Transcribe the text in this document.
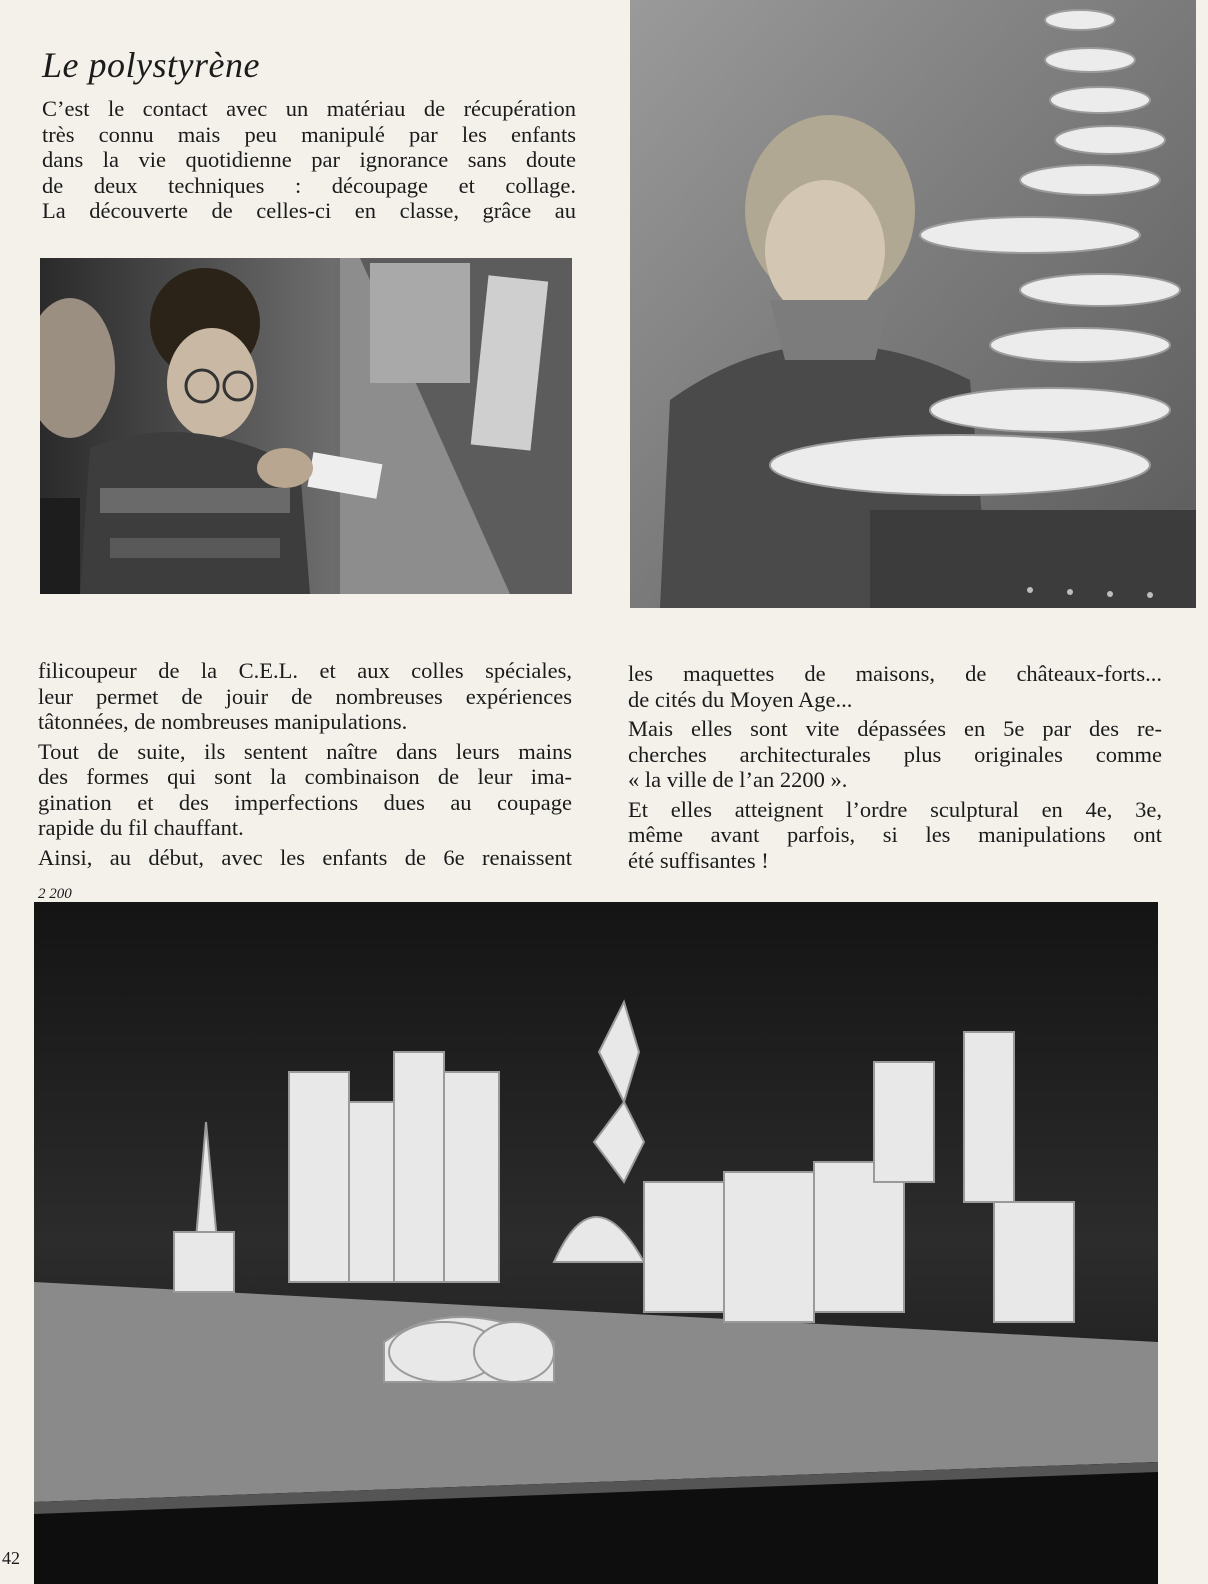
Le polystyrène
C’est le contact avec un matériau de récupération
très connu mais peu manipulé par les enfants
dans la vie quotidienne par ignorance sans doute
de deux techniques : découpage et collage.
La découverte de celles-ci en classe, grâce au
filicoupeur de la C.E.L. et aux colles spéciales,
leur permet de jouir de nombreuses expériences
tâtonnées, de nombreuses manipulations.
Tout de suite, ils sentent naître dans leurs mains
des formes qui sont la combinaison de leur ima-
gination et des imperfections dues au coupage
rapide du fil chauffant.
Ainsi, au début, avec les enfants de 6e renaissent
les maquettes de maisons, de châteaux-forts...
de cités du Moyen Age...
Mais elles sont vite dépassées en 5e par des re-
cherches architecturales plus originales comme
« la ville de l’an 2200 ».
Et elles atteignent l’ordre sculptural en 4e, 3e,
même avant parfois, si les manipulations ont
été suffisantes !
2 200
42
